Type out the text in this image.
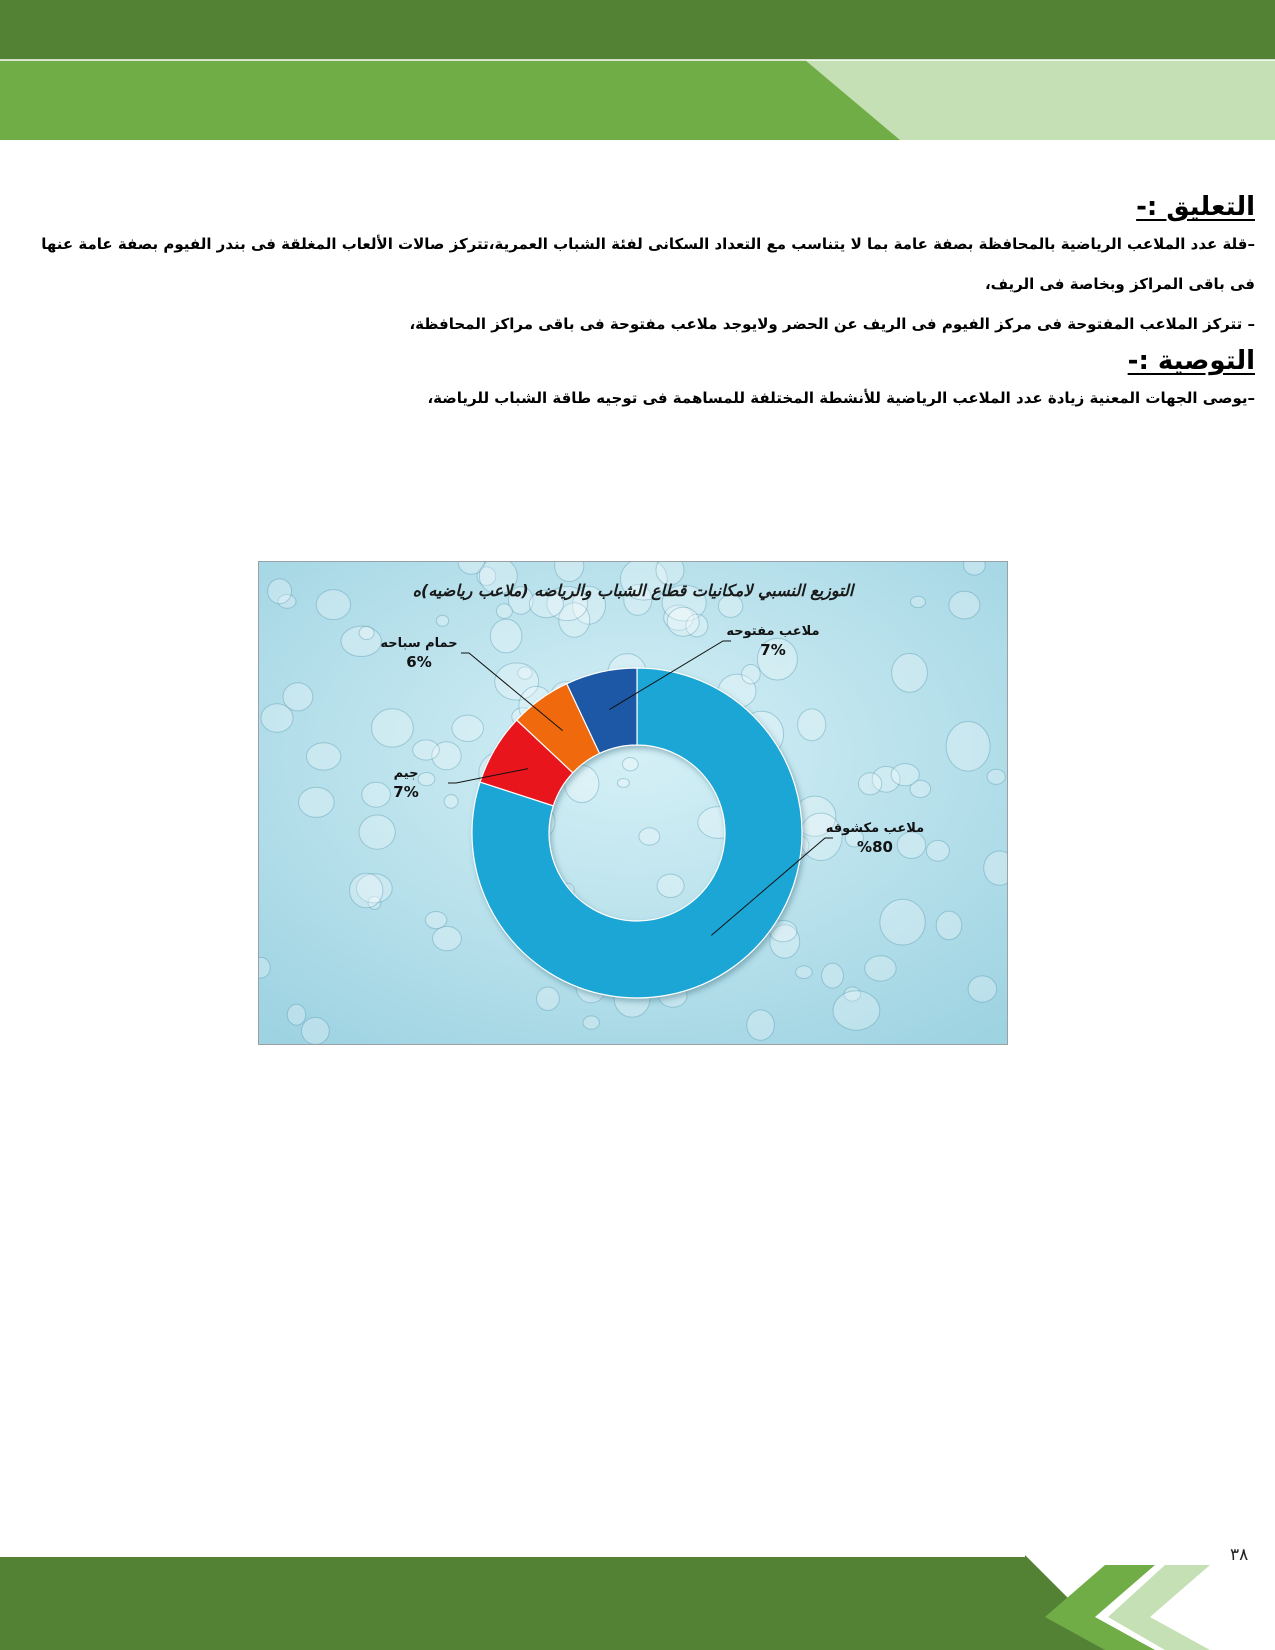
التعليق :-

–قلة عدد الملاعب الرياضية بالمحافظة بصفة عامة بما لا يتناسب مع التعداد السكانى لفئة الشباب العمرية،تتركز صالات الألعاب المغلقة فى بندر الفيوم بصفة عامة عنها فى باقى المراكز وبخاصة فى الريف،

– تتركز الملاعب المفتوحة فى مركز الفيوم فى الريف عن الحضر ولايوجد ملاعب مفتوحة فى باقى مراكز المحافظة،

التوصية :-

–يوصى الجهات المعنية زيادة عدد الملاعب الرياضية للأنشطة المختلفة للمساهمة فى توجيه طاقة الشباب للرياضة،

التوزيع النسبي لامكانيات قطاع الشباب والرياضه (ملاعب رياضيه)ه
ملاعب مكشوفه
%80
جيم
7%
حمام سباحه
6%
ملاعب مفتوحه
7%
٣٨
